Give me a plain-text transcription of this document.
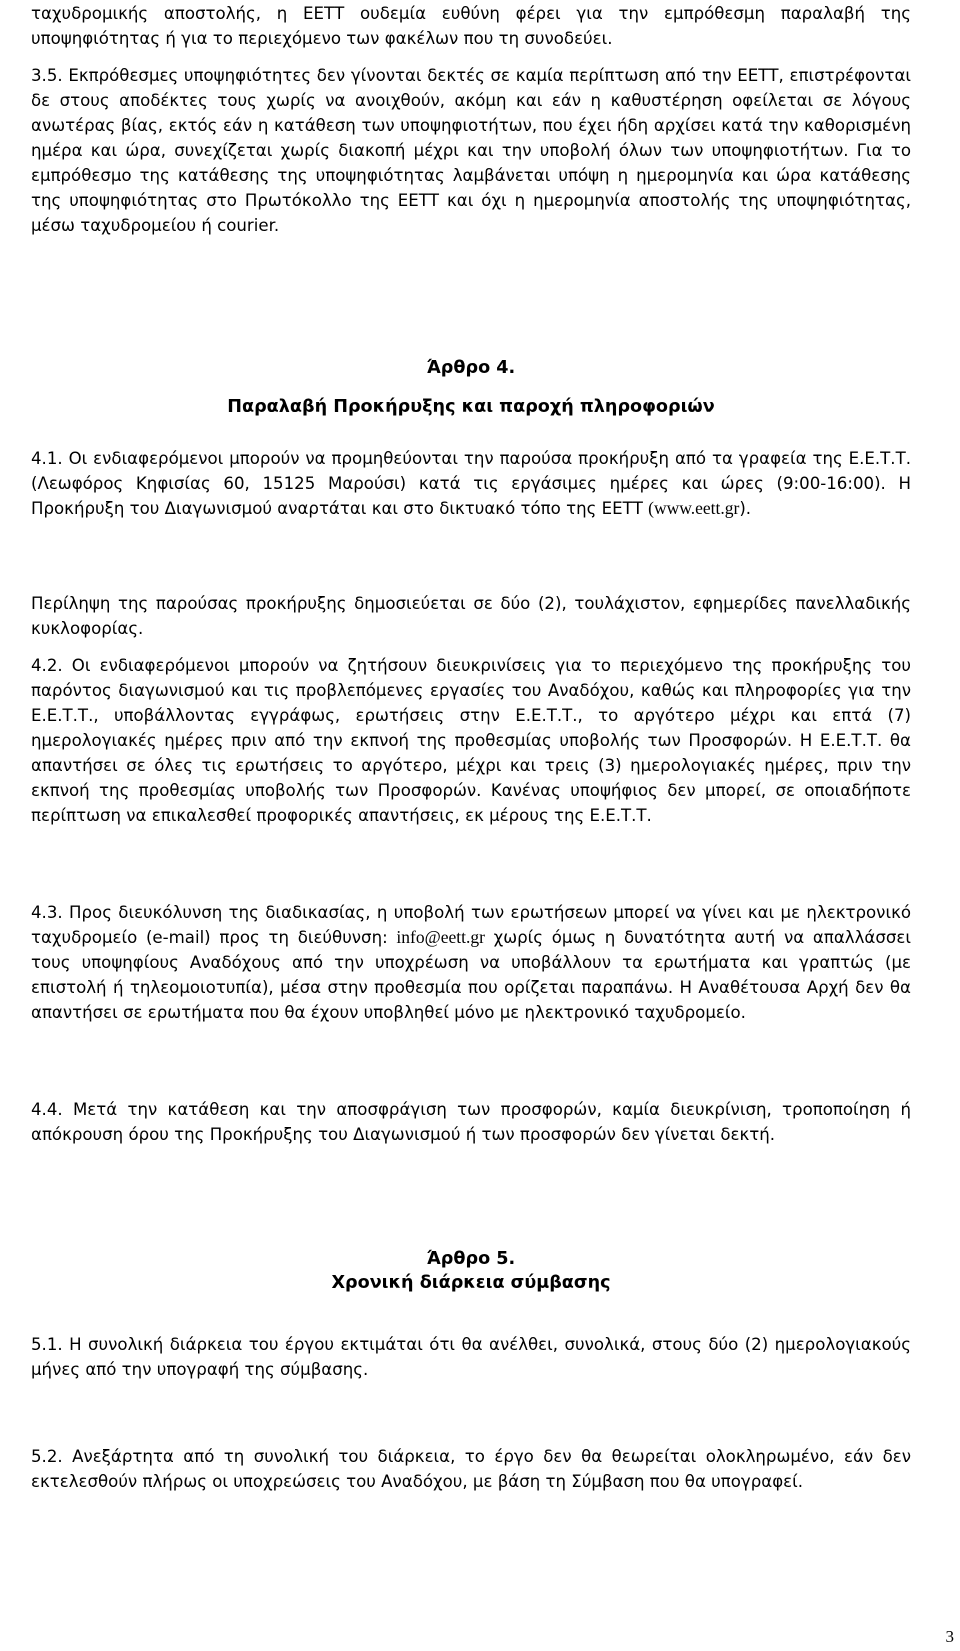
ταχυδρομικής αποστολής, η ΕΕΤΤ ουδεμία ευθύνη φέρει για την εμπρόθεσμη παραλαβή της υποψηφιότητας ή για το περιεχόμενο των φακέλων που τη συνοδεύει.

3.5. Εκπρόθεσμες υποψηφιότητες δεν γίνονται δεκτές σε καμία περίπτωση από την ΕΕΤΤ, επιστρέφονται δε στους αποδέκτες τους χωρίς να ανοιχθούν, ακόμη και εάν η καθυστέρηση οφείλεται σε λόγους ανωτέρας βίας, εκτός εάν η κατάθεση των υποψηφιοτήτων, που έχει ήδη αρχίσει κατά την καθορισμένη ημέρα και ώρα, συνεχίζεται χωρίς διακοπή μέχρι και την υποβολή όλων των υποψηφιοτήτων. Για το εμπρόθεσμο της κατάθεσης της υποψηφιότητας λαμβάνεται υπόψη η ημερομηνία και ώρα κατάθεσης της υποψηφιότητας στο Πρωτόκολλο της ΕΕΤΤ και όχι η ημερομηνία αποστολής της υποψηφιότητας, μέσω ταχυδρομείου ή courier.

Άρθρο 4.
Παραλαβή Προκήρυξης και παροχή πληροφοριών

4.1. Οι ενδιαφερόμενοι μπορούν να προμηθεύονται την παρούσα προκήρυξη από τα γραφεία της Ε.Ε.Τ.Τ. (Λεωφόρος Κηφισίας 60, 15125 Μαρούσι) κατά τις εργάσιμες ημέρες και ώρες (9:00-16:00). Η Προκήρυξη του Διαγωνισμού αναρτάται και στο δικτυακό τόπο της ΕΕΤΤ (www.eett.gr).

Περίληψη της παρούσας προκήρυξης δημοσιεύεται σε δύο (2), τουλάχιστον, εφημερίδες πανελλαδικής κυκλοφορίας.

4.2. Οι ενδιαφερόμενοι μπορούν να ζητήσουν διευκρινίσεις για το περιεχόμενο της προκήρυξης του παρόντος διαγωνισμού και τις προβλεπόμενες εργασίες του Αναδόχου, καθώς και πληροφορίες για την Ε.Ε.Τ.Τ., υποβάλλοντας εγγράφως, ερωτήσεις στην Ε.Ε.Τ.Τ., το αργότερο μέχρι και επτά (7) ημερολογιακές ημέρες πριν από την εκπνοή της προθεσμίας υποβολής των Προσφορών. Η Ε.Ε.Τ.Τ. θα απαντήσει σε όλες τις ερωτήσεις το αργότερο, μέχρι και τρεις (3) ημερολογιακές ημέρες, πριν την εκπνοή της προθεσμίας υποβολής των Προσφορών. Κανένας υποψήφιος δεν μπορεί, σε οποιαδήποτε περίπτωση να επικαλεσθεί προφορικές απαντήσεις, εκ μέρους της Ε.Ε.Τ.Τ.

4.3. Προς διευκόλυνση της διαδικασίας, η υποβολή των ερωτήσεων μπορεί να γίνει και με ηλεκτρονικό ταχυδρομείο (e-mail) προς τη διεύθυνση: info@eett.gr χωρίς όμως η δυνατότητα αυτή να απαλλάσσει τους υποψηφίους Αναδόχους από την υποχρέωση να υποβάλλουν τα ερωτήματα και γραπτώς (με επιστολή ή τηλεομοιοτυπία), μέσα στην προθεσμία που ορίζεται παραπάνω. Η Αναθέτουσα Αρχή δεν θα απαντήσει σε ερωτήματα που θα έχουν υποβληθεί μόνο με ηλεκτρονικό ταχυδρομείο.

4.4. Μετά την κατάθεση και την αποσφράγιση των προσφορών, καμία διευκρίνιση, τροποποίηση ή απόκρουση όρου της Προκήρυξης του Διαγωνισμού ή των προσφορών δεν γίνεται δεκτή.

Άρθρο 5.
Χρονική διάρκεια σύμβασης

5.1. Η συνολική διάρκεια του έργου εκτιμάται ότι θα ανέλθει, συνολικά, στους δύο (2) ημερολογιακούς μήνες από την υπογραφή της σύμβασης.

5.2. Ανεξάρτητα από τη συνολική του διάρκεια, το έργο δεν θα θεωρείται ολοκληρωμένο, εάν δεν εκτελεσθούν πλήρως οι υποχρεώσεις του Αναδόχου, με βάση τη Σύμβαση που θα υπογραφεί.

3
